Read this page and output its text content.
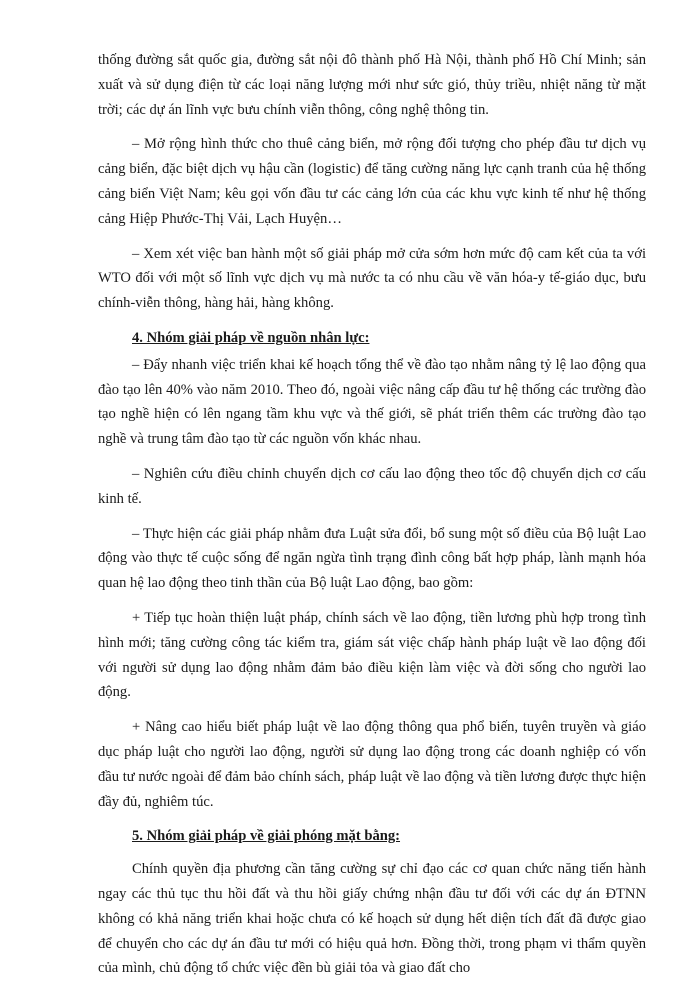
thống đường sắt quốc gia, đường sắt nội đô thành phố Hà Nội, thành phố Hồ Chí Minh; sản xuất và sử dụng điện từ các loại năng lượng mới như sức gió, thủy triều, nhiệt năng từ mặt trời; các dự án lĩnh vực bưu chính viễn thông, công nghệ thông tin.

– Mở rộng hình thức cho thuê cảng biển, mở rộng đối tượng cho phép đầu tư dịch vụ cảng biển, đặc biệt dịch vụ hậu cần (logistic) để tăng cường năng lực cạnh tranh của hệ thống cảng biển Việt Nam; kêu gọi vốn đầu tư các cảng lớn của các khu vực kinh tế như hệ thống cảng Hiệp Phước-Thị Vải, Lạch Huyện…

– Xem xét việc ban hành một số giải pháp mở cửa sớm hơn mức độ cam kết của ta với WTO đối với một số lĩnh vực dịch vụ mà nước ta có nhu cầu về văn hóa-y tế-giáo dục, bưu chính-viễn thông, hàng hải, hàng không.

4. Nhóm giải pháp về nguồn nhân lực:

– Đẩy nhanh việc triển khai kế hoạch tổng thể về đào tạo nhằm nâng tỷ lệ lao động qua đào tạo lên 40% vào năm 2010. Theo đó, ngoài việc nâng cấp đầu tư hệ thống các trường đào tạo nghề hiện có lên ngang tầm khu vực và thế giới, sẽ phát triển thêm các trường đào tạo nghề và trung tâm đào tạo từ các nguồn vốn khác nhau.

– Nghiên cứu điều chỉnh chuyển dịch cơ cấu lao động theo tốc độ chuyển dịch cơ cấu kinh tế.

– Thực hiện các giải pháp nhằm đưa Luật sửa đổi, bổ sung một số điều của Bộ luật Lao động vào thực tế cuộc sống để ngăn ngừa tình trạng đình công bất hợp pháp, lành mạnh hóa quan hệ lao động theo tinh thần của Bộ luật Lao động, bao gồm:

+ Tiếp tục hoàn thiện luật pháp, chính sách về lao động, tiền lương phù hợp trong tình hình mới; tăng cường công tác kiểm tra, giám sát việc chấp hành pháp luật về lao động đối với người sử dụng lao động nhằm đảm bảo điều kiện làm việc và đời sống cho người lao động.

+ Nâng cao hiểu biết pháp luật về lao động thông qua phổ biến, tuyên truyền và giáo dục pháp luật cho người lao động, người sử dụng lao động trong các doanh nghiệp có vốn đầu tư nước ngoài để đảm bảo chính sách, pháp luật về lao động và tiền lương được thực hiện đầy đủ, nghiêm túc.

5. Nhóm giải pháp về giải phóng mặt bằng:

Chính quyền địa phương cần tăng cường sự chỉ đạo các cơ quan chức năng tiến hành ngay các thủ tục thu hồi đất và thu hồi giấy chứng nhận đầu tư đối với các dự án ĐTNN không có khả năng triển khai hoặc chưa có kế hoạch sử dụng hết diện tích đất đã được giao để chuyển cho các dự án đầu tư mới có hiệu quả hơn. Đồng thời, trong phạm vi thẩm quyền của mình, chủ động tổ chức việc đền bù giải tỏa và giao đất cho
